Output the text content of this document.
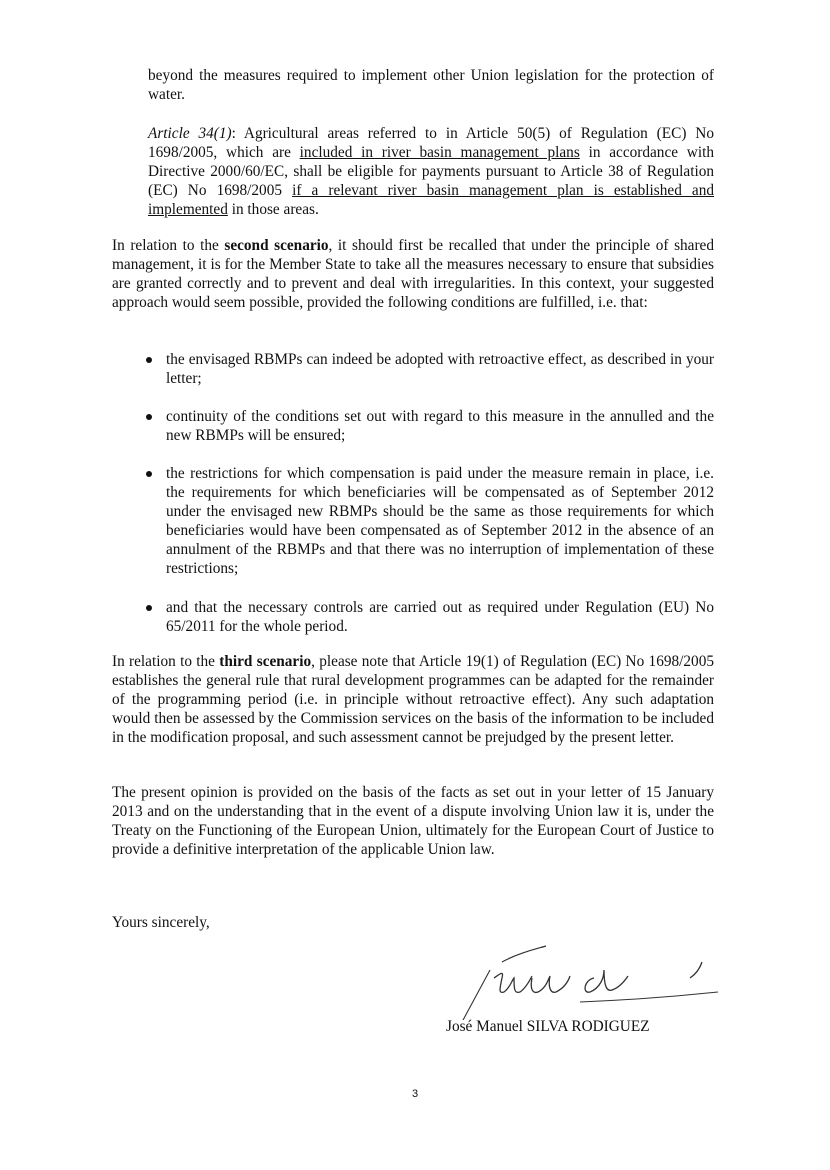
beyond the measures required to implement other Union legislation for the protection of water.

Article 34(1): Agricultural areas referred to in Article 50(5) of Regulation (EC) No 1698/2005, which are included in river basin management plans in accordance with Directive 2000/60/EC, shall be eligible for payments pursuant to Article 38 of Regulation (EC) No 1698/2005 if a relevant river basin management plan is established and implemented in those areas.

In relation to the second scenario, it should first be recalled that under the principle of shared management, it is for the Member State to take all the measures necessary to ensure that subsidies are granted correctly and to prevent and deal with irregularities. In this context, your suggested approach would seem possible, provided the following conditions are fulfilled, i.e. that:

the envisaged RBMPs can indeed be adopted with retroactive effect, as described in your letter;

continuity of the conditions set out with regard to this measure in the annulled and the new RBMPs will be ensured;

the restrictions for which compensation is paid under the measure remain in place, i.e. the requirements for which beneficiaries will be compensated as of September 2012 under the envisaged new RBMPs should be the same as those requirements for which beneficiaries would have been compensated as of September 2012 in the absence of an annulment of the RBMPs and that there was no interruption of implementation of these restrictions;

and that the necessary controls are carried out as required under Regulation (EU) No 65/2011 for the whole period.

In relation to the third scenario, please note that Article 19(1) of Regulation (EC) No 1698/2005 establishes the general rule that rural development programmes can be adapted for the remainder of the programming period (i.e. in principle without retroactive effect). Any such adaptation would then be assessed by the Commission services on the basis of the information to be included in the modification proposal, and such assessment cannot be prejudged by the present letter.

The present opinion is provided on the basis of the facts as set out in your letter of 15 January 2013 and on the understanding that in the event of a dispute involving Union law it is, under the Treaty on the Functioning of the European Union, ultimately for the European Court of Justice to provide a definitive interpretation of the applicable Union law.

Yours sincerely,
José Manuel SILVA RODIGUEZ
3
